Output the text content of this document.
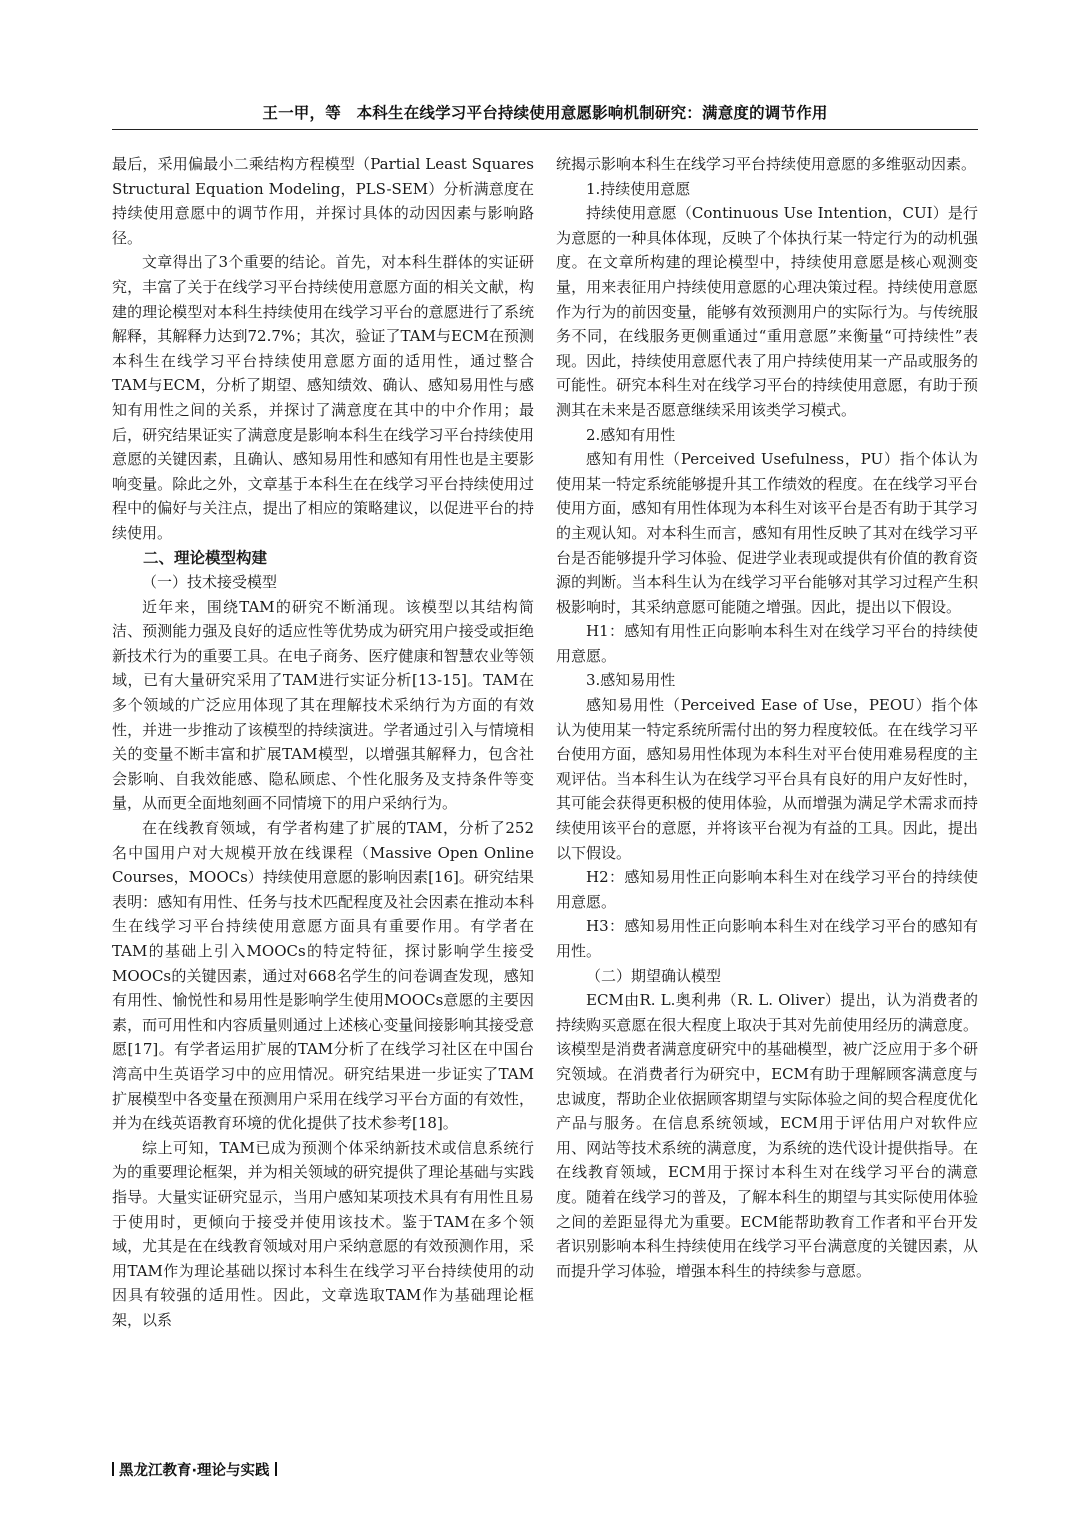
王一甲，等　本科生在线学习平台持续使用意愿影响机制研究：满意度的调节作用

最后，采用偏最小二乘结构方程模型（Partial Least Squares Structural Equation Modeling，PLS-SEM）分析满意度在持续使用意愿中的调节作用，并探讨具体的动因因素与影响路径。

文章得出了3个重要的结论。首先，对本科生群体的实证研究，丰富了关于在线学习平台持续使用意愿方面的相关文献，构建的理论模型对本科生持续使用在线学习平台的意愿进行了系统解释，其解释力达到72.7%；其次，验证了TAM与ECM在预测本科生在线学习平台持续使用意愿方面的适用性，通过整合TAM与ECM，分析了期望、感知绩效、确认、感知易用性与感知有用性之间的关系，并探讨了满意度在其中的中介作用；最后，研究结果证实了满意度是影响本科生在线学习平台持续使用意愿的关键因素，且确认、感知易用性和感知有用性也是主要影响变量。除此之外，文章基于本科生在在线学习平台持续使用过程中的偏好与关注点，提出了相应的策略建议，以促进平台的持续使用。

二、理论模型构建
（一）技术接受模型

近年来，围绕TAM的研究不断涌现。该模型以其结构简洁、预测能力强及良好的适应性等优势成为研究用户接受或拒绝新技术行为的重要工具。在电子商务、医疗健康和智慧农业等领域，已有大量研究采用了TAM进行实证分析[13-15]。TAM在多个领域的广泛应用体现了其在理解技术采纳行为方面的有效性，并进一步推动了该模型的持续演进。学者通过引入与情境相关的变量不断丰富和扩展TAM模型，以增强其解释力，包含社会影响、自我效能感、隐私顾虑、个性化服务及支持条件等变量，从而更全面地刻画不同情境下的用户采纳行为。

在在线教育领域，有学者构建了扩展的TAM，分析了252名中国用户对大规模开放在线课程（Massive Open Online Courses，MOOCs）持续使用意愿的影响因素[16]。研究结果表明：感知有用性、任务与技术匹配程度及社会因素在推动本科生在线学习平台持续使用意愿方面具有重要作用。有学者在TAM的基础上引入MOOCs的特定特征，探讨影响学生接受MOOCs的关键因素，通过对668名学生的问卷调查发现，感知有用性、愉悦性和易用性是影响学生使用MOOCs意愿的主要因素，而可用性和内容质量则通过上述核心变量间接影响其接受意愿[17]。有学者运用扩展的TAM分析了在线学习社区在中国台湾高中生英语学习中的应用情况。研究结果进一步证实了TAM扩展模型中各变量在预测用户采用在线学习平台方面的有效性，并为在线英语教育环境的优化提供了技术参考[18]。

综上可知，TAM已成为预测个体采纳新技术或信息系统行为的重要理论框架，并为相关领域的研究提供了理论基础与实践指导。大量实证研究显示，当用户感知某项技术具有有用性且易于使用时，更倾向于接受并使用该技术。鉴于TAM在多个领域，尤其是在在线教育领域对用户采纳意愿的有效预测作用，采用TAM作为理论基础以探讨本科生在线学习平台持续使用的动因具有较强的适用性。因此，文章选取TAM作为基础理论框架，以系

统揭示影响本科生在线学习平台持续使用意愿的多维驱动因素。

1.持续使用意愿

持续使用意愿（Continuous Use Intention，CUI）是行为意愿的一种具体体现，反映了个体执行某一特定行为的动机强度。在文章所构建的理论模型中，持续使用意愿是核心观测变量，用来表征用户持续使用意愿的心理决策过程。持续使用意愿作为行为的前因变量，能够有效预测用户的实际行为。与传统服务不同，在线服务更侧重通过“重用意愿”来衡量“可持续性”表现。因此，持续使用意愿代表了用户持续使用某一产品或服务的可能性。研究本科生对在线学习平台的持续使用意愿，有助于预测其在未来是否愿意继续采用该类学习模式。

2.感知有用性

感知有用性（Perceived Usefulness，PU）指个体认为使用某一特定系统能够提升其工作绩效的程度。在在线学习平台使用方面，感知有用性体现为本科生对该平台是否有助于其学习的主观认知。对本科生而言，感知有用性反映了其对在线学习平台是否能够提升学习体验、促进学业表现或提供有价值的教育资源的判断。当本科生认为在线学习平台能够对其学习过程产生积极影响时，其采纳意愿可能随之增强。因此，提出以下假设。

H1：感知有用性正向影响本科生对在线学习平台的持续使用意愿。

3.感知易用性

感知易用性（Perceived Ease of Use，PEOU）指个体认为使用某一特定系统所需付出的努力程度较低。在在线学习平台使用方面，感知易用性体现为本科生对平台使用难易程度的主观评估。当本科生认为在线学习平台具有良好的用户友好性时，其可能会获得更积极的使用体验，从而增强为满足学术需求而持续使用该平台的意愿，并将该平台视为有益的工具。因此，提出以下假设。

H2：感知易用性正向影响本科生对在线学习平台的持续使用意愿。

H3：感知易用性正向影响本科生对在线学习平台的感知有用性。

（二）期望确认模型

ECM由R. L.奥利弗（R. L. Oliver）提出，认为消费者的持续购买意愿在很大程度上取决于其对先前使用经历的满意度。该模型是消费者满意度研究中的基础模型，被广泛应用于多个研究领域。在消费者行为研究中，ECM有助于理解顾客满意度与忠诚度，帮助企业依据顾客期望与实际体验之间的契合程度优化产品与服务。在信息系统领域，ECM用于评估用户对软件应用、网站等技术系统的满意度，为系统的迭代设计提供指导。在在线教育领域，ECM用于探讨本科生对在线学习平台的满意度。随着在线学习的普及，了解本科生的期望与其实际使用体验之间的差距显得尤为重要。ECM能帮助教育工作者和平台开发者识别影响本科生持续使用在线学习平台满意度的关键因素，从而提升学习体验，增强本科生的持续参与意愿。

黑龙江教育·理论与实践
